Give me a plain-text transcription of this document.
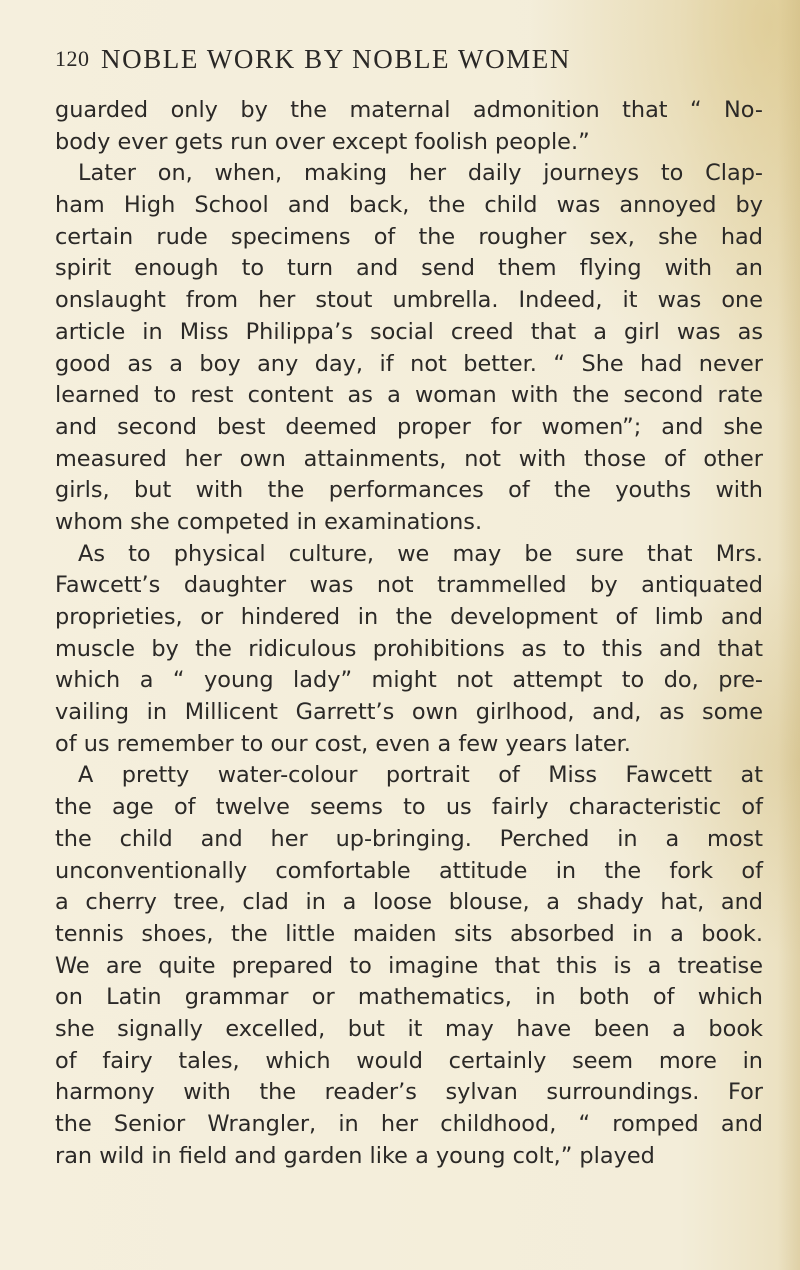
120 NOBLE WORK BY NOBLE WOMEN
guarded only by the maternal admonition that “ No-
body ever gets run over except foolish people.”
Later on, when, making her daily journeys to Clap-
ham High School and back, the child was annoyed by
certain rude specimens of the rougher sex, she had
spirit enough to turn and send them flying with an
onslaught from her stout umbrella. Indeed, it was one
article in Miss Philippa’s social creed that a girl was as
good as a boy any day, if not better. “ She had never
learned to rest content as a woman with the second rate
and second best deemed proper for women”; and she
measured her own attainments, not with those of other
girls, but with the performances of the youths with
whom she competed in examinations.
As to physical culture, we may be sure that Mrs.
Fawcett’s daughter was not trammelled by antiquated
proprieties, or hindered in the development of limb and
muscle by the ridiculous prohibitions as to this and that
which a “ young lady” might not attempt to do, pre-
vailing in Millicent Garrett’s own girlhood, and, as some
of us remember to our cost, even a few years later.
A pretty water-colour portrait of Miss Fawcett at
the age of twelve seems to us fairly characteristic of
the child and her up-bringing. Perched in a most
unconventionally comfortable attitude in the fork of
a cherry tree, clad in a loose blouse, a shady hat, and
tennis shoes, the little maiden sits absorbed in a book.
We are quite prepared to imagine that this is a treatise
on Latin grammar or mathematics, in both of which
she signally excelled, but it may have been a book
of fairy tales, which would certainly seem more in
harmony with the reader’s sylvan surroundings. For
the Senior Wrangler, in her childhood, “ romped and
ran wild in field and garden like a young colt,” played
